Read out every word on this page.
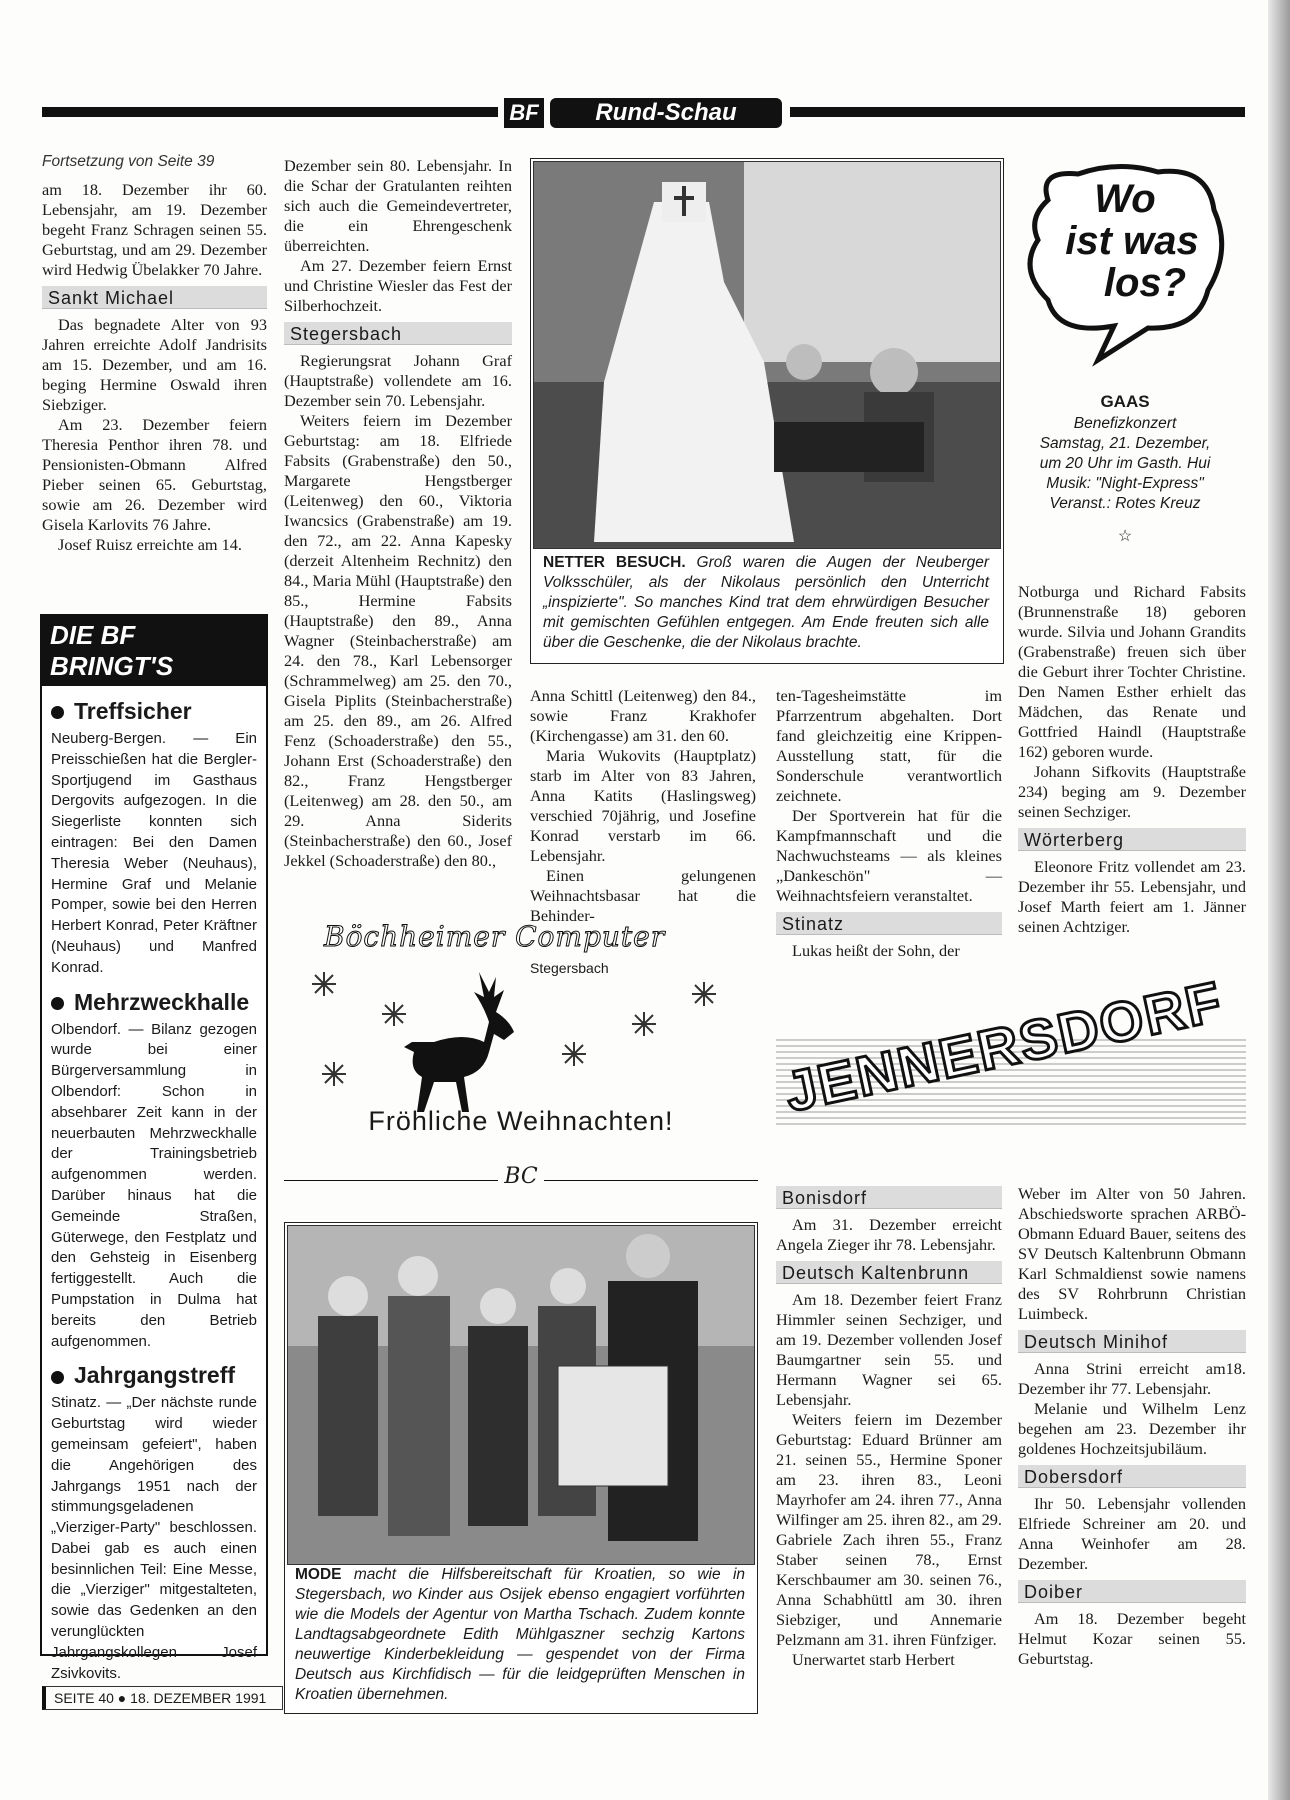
BF	Rund-Schau
Fortsetzung von Seite 39

am 18. Dezember ihr 60. Lebensjahr, am 19. Dezember begeht Franz Schragen seinen 55. Geburtstag, und am 29. Dezember wird Hedwig Übelakker 70 Jahre.

Sankt Michael

Das begnadete Alter von 93 Jahren erreichte Adolf Jandrisits am 15. Dezember, und am 16. beging Hermine Oswald ihren Siebziger.

Am 23. Dezember feiern Theresia Penthor ihren 78. und Pensionisten-Obmann Alfred Pieber seinen 65. Geburtstag, sowie am 26. Dezember wird Gisela Karlovits 76 Jahre.

Josef Ruisz erreichte am 14.

DIE BF BRINGT'S
Treffsicher

Neuberg-Bergen. — Ein Preisschießen hat die Bergler-Sportjugend im Gasthaus Dergovits aufgezogen. In die Siegerliste konnten sich eintragen: Bei den Damen Theresia Weber (Neuhaus), Hermine Graf und Melanie Pomper, sowie bei den Herren Herbert Konrad, Peter Kräftner (Neuhaus) und Manfred Konrad.

Mehrzweckhalle

Olbendorf. — Bilanz gezogen wurde bei einer Bürgerversammlung in Olbendorf: Schon in absehbarer Zeit kann in der neuerbauten Mehrzweckhalle der Trainingsbetrieb aufgenommen werden. Darüber hinaus hat die Gemeinde Straßen, Güterwege, den Festplatz und den Gehsteig in Eisenberg fertiggestellt. Auch die Pumpstation in Dulma hat bereits den Betrieb aufgenommen.

Jahrgangstreff

Stinatz. — „Der nächste runde Geburtstag wird wieder gemeinsam gefeiert", haben die Angehörigen des Jahrgangs 1951 nach der stimmungsgeladenen „Vierziger-Party" beschlossen. Dabei gab es auch einen besinnlichen Teil: Eine Messe, die „Vierziger" mitgestalteten, sowie das Gedenken an den verunglückten Jahrgangskollegen Josef Zsivkovits.

SEITE 40 ● 18. DEZEMBER 1991

Dezember sein 80. Lebensjahr. In die Schar der Gratulanten reihten sich auch die Gemeindevertreter, die ein Ehrengeschenk überreichten.

Am 27. Dezember feiern Ernst und Christine Wiesler das Fest der Silberhochzeit.

Stegersbach

Regierungsrat Johann Graf (Hauptstraße) vollendete am 16. Dezember sein 70. Lebensjahr.

Weiters feiern im Dezember Geburtstag: am 18. Elfriede Fabsits (Grabenstraße) den 50., Margarete Hengstberger (Leitenweg) den 60., Viktoria Iwancsics (Grabenstraße) am 19. den 72., am 22. Anna Kapesky (derzeit Altenheim Rechnitz) den 84., Maria Mühl (Hauptstraße) den 85., Hermine Fabsits (Hauptstraße) den 89., Anna Wagner (Steinbacherstraße) am 24. den 78., Karl Lebensorger (Schrammelweg) am 25. den 70., Gisela Piplits (Steinbacherstraße) am 25. den 89., am 26. Alfred Fenz (Schoaderstraße) den 55., Johann Erst (Schoaderstraße) den 82., Franz Hengstberger (Leitenweg) am 28. den 50., am 29. Anna Siderits (Steinbacherstraße) den 60., Josef Jekkel (Schoaderstraße) den 80.,

NETTER BESUCH. Groß waren die Augen der Neuberger Volksschüler, als der Nikolaus persönlich den Unterricht „inspizierte". So manches Kind trat dem ehrwürdigen Besucher mit gemischten Gefühlen entgegen. Am Ende freuten sich alle über die Geschenke, die der Nikolaus brachte.

Anna Schittl (Leitenweg) den 84., sowie Franz Krakhofer (Kirchengasse) am 31. den 60.

Maria Wukovits (Hauptplatz) starb im Alter von 83 Jahren, Anna Katits (Haslingsweg) verschied 70jährig, und Josefine Konrad verstarb im 66. Lebensjahr.

Einen gelungenen Weihnachtsbasar hat die Behinder-

ten-Tagesheimstätte im Pfarrzentrum abgehalten. Dort fand gleichzeitig eine Krippen-Ausstellung statt, für die Sonderschule verantwortlich zeichnete.

Der Sportverein hat für die Kampfmannschaft und die Nachwuchsteams — als kleines „Dankeschön" — Weihnachtsfeiern veranstaltet.

Stinatz

Lukas heißt der Sohn, der

Wo
ist was
los?
GAAS
Benefizkonzert
Samstag, 21. Dezember,
um 20 Uhr im Gasth. Hui
Musik: "Night-Express"
Veranst.: Rotes Kreuz
☆

Notburga und Richard Fabsits (Brunnenstraße 18) geboren wurde. Silvia und Johann Grandits (Grabenstraße) freuen sich über die Geburt ihrer Tochter Christine. Den Namen Esther erhielt das Mädchen, das Renate und Gottfried Haindl (Hauptstraße 162) geboren wurde.

Johann Sifkovits (Hauptstraße 234) beging am 9. Dezember seinen Sechziger.

Wörterberg

Eleonore Fritz vollendet am 23. Dezember ihr 55. Lebensjahr, und Josef Marth feiert am 1. Jänner seinen Achtziger.

Böchheimer Computer
Stegersbach
Fröhliche Weihnachten!
BC
MODE macht die Hilfsbereitschaft für Kroatien, so wie in Stegersbach, wo Kinder aus Osijek ebenso engagiert vorführten wie die Models der Agentur von Martha Tschach. Zudem konnte Landtagsabgeordnete Edith Mühlgaszner sechzig Kartons neuwertige Kinderbekleidung — gespendet von der Firma Deutsch aus Kirchfidisch — für die leidgeprüften Menschen in Kroatien übernehmen.
JENNERSDORF
Bonisdorf

Am 31. Dezember erreicht Angela Zieger ihr 78. Lebensjahr.

Deutsch Kaltenbrunn

Am 18. Dezember feiert Franz Himmler seinen Sechziger, und am 19. Dezember vollenden Josef Baumgartner sein 55. und Hermann Wagner sei 65. Lebensjahr.

Weiters feiern im Dezember Geburtstag: Eduard Brünner am 21. seinen 55., Hermine Sponer am 23. ihren 83., Leoni Mayrhofer am 24. ihren 77., Anna Wilfinger am 25. ihren 82., am 29. Gabriele Zach ihren 55., Franz Staber seinen 78., Ernst Kerschbaumer am 30. seinen 76., Anna Schabhüttl am 30. ihren Siebziger, und Annemarie Pelzmann am 31. ihren Fünfziger.

Unerwartet starb Herbert

Weber im Alter von 50 Jahren. Abschiedsworte sprachen ARBÖ-Obmann Eduard Bauer, seitens des SV Deutsch Kaltenbrunn Obmann Karl Schmaldienst sowie namens des SV Rohrbrunn Christian Luimbeck.

Deutsch Minihof

Anna Strini erreicht am18. Dezember ihr 77. Lebensjahr.

Melanie und Wilhelm Lenz begehen am 23. Dezember ihr goldenes Hochzeitsjubiläum.

Dobersdorf

Ihr 50. Lebensjahr vollenden Elfriede Schreiner am 20. und Anna Weinhofer am 28. Dezember.

Doiber

Am 18. Dezember begeht Helmut Kozar seinen 55. Geburtstag.
